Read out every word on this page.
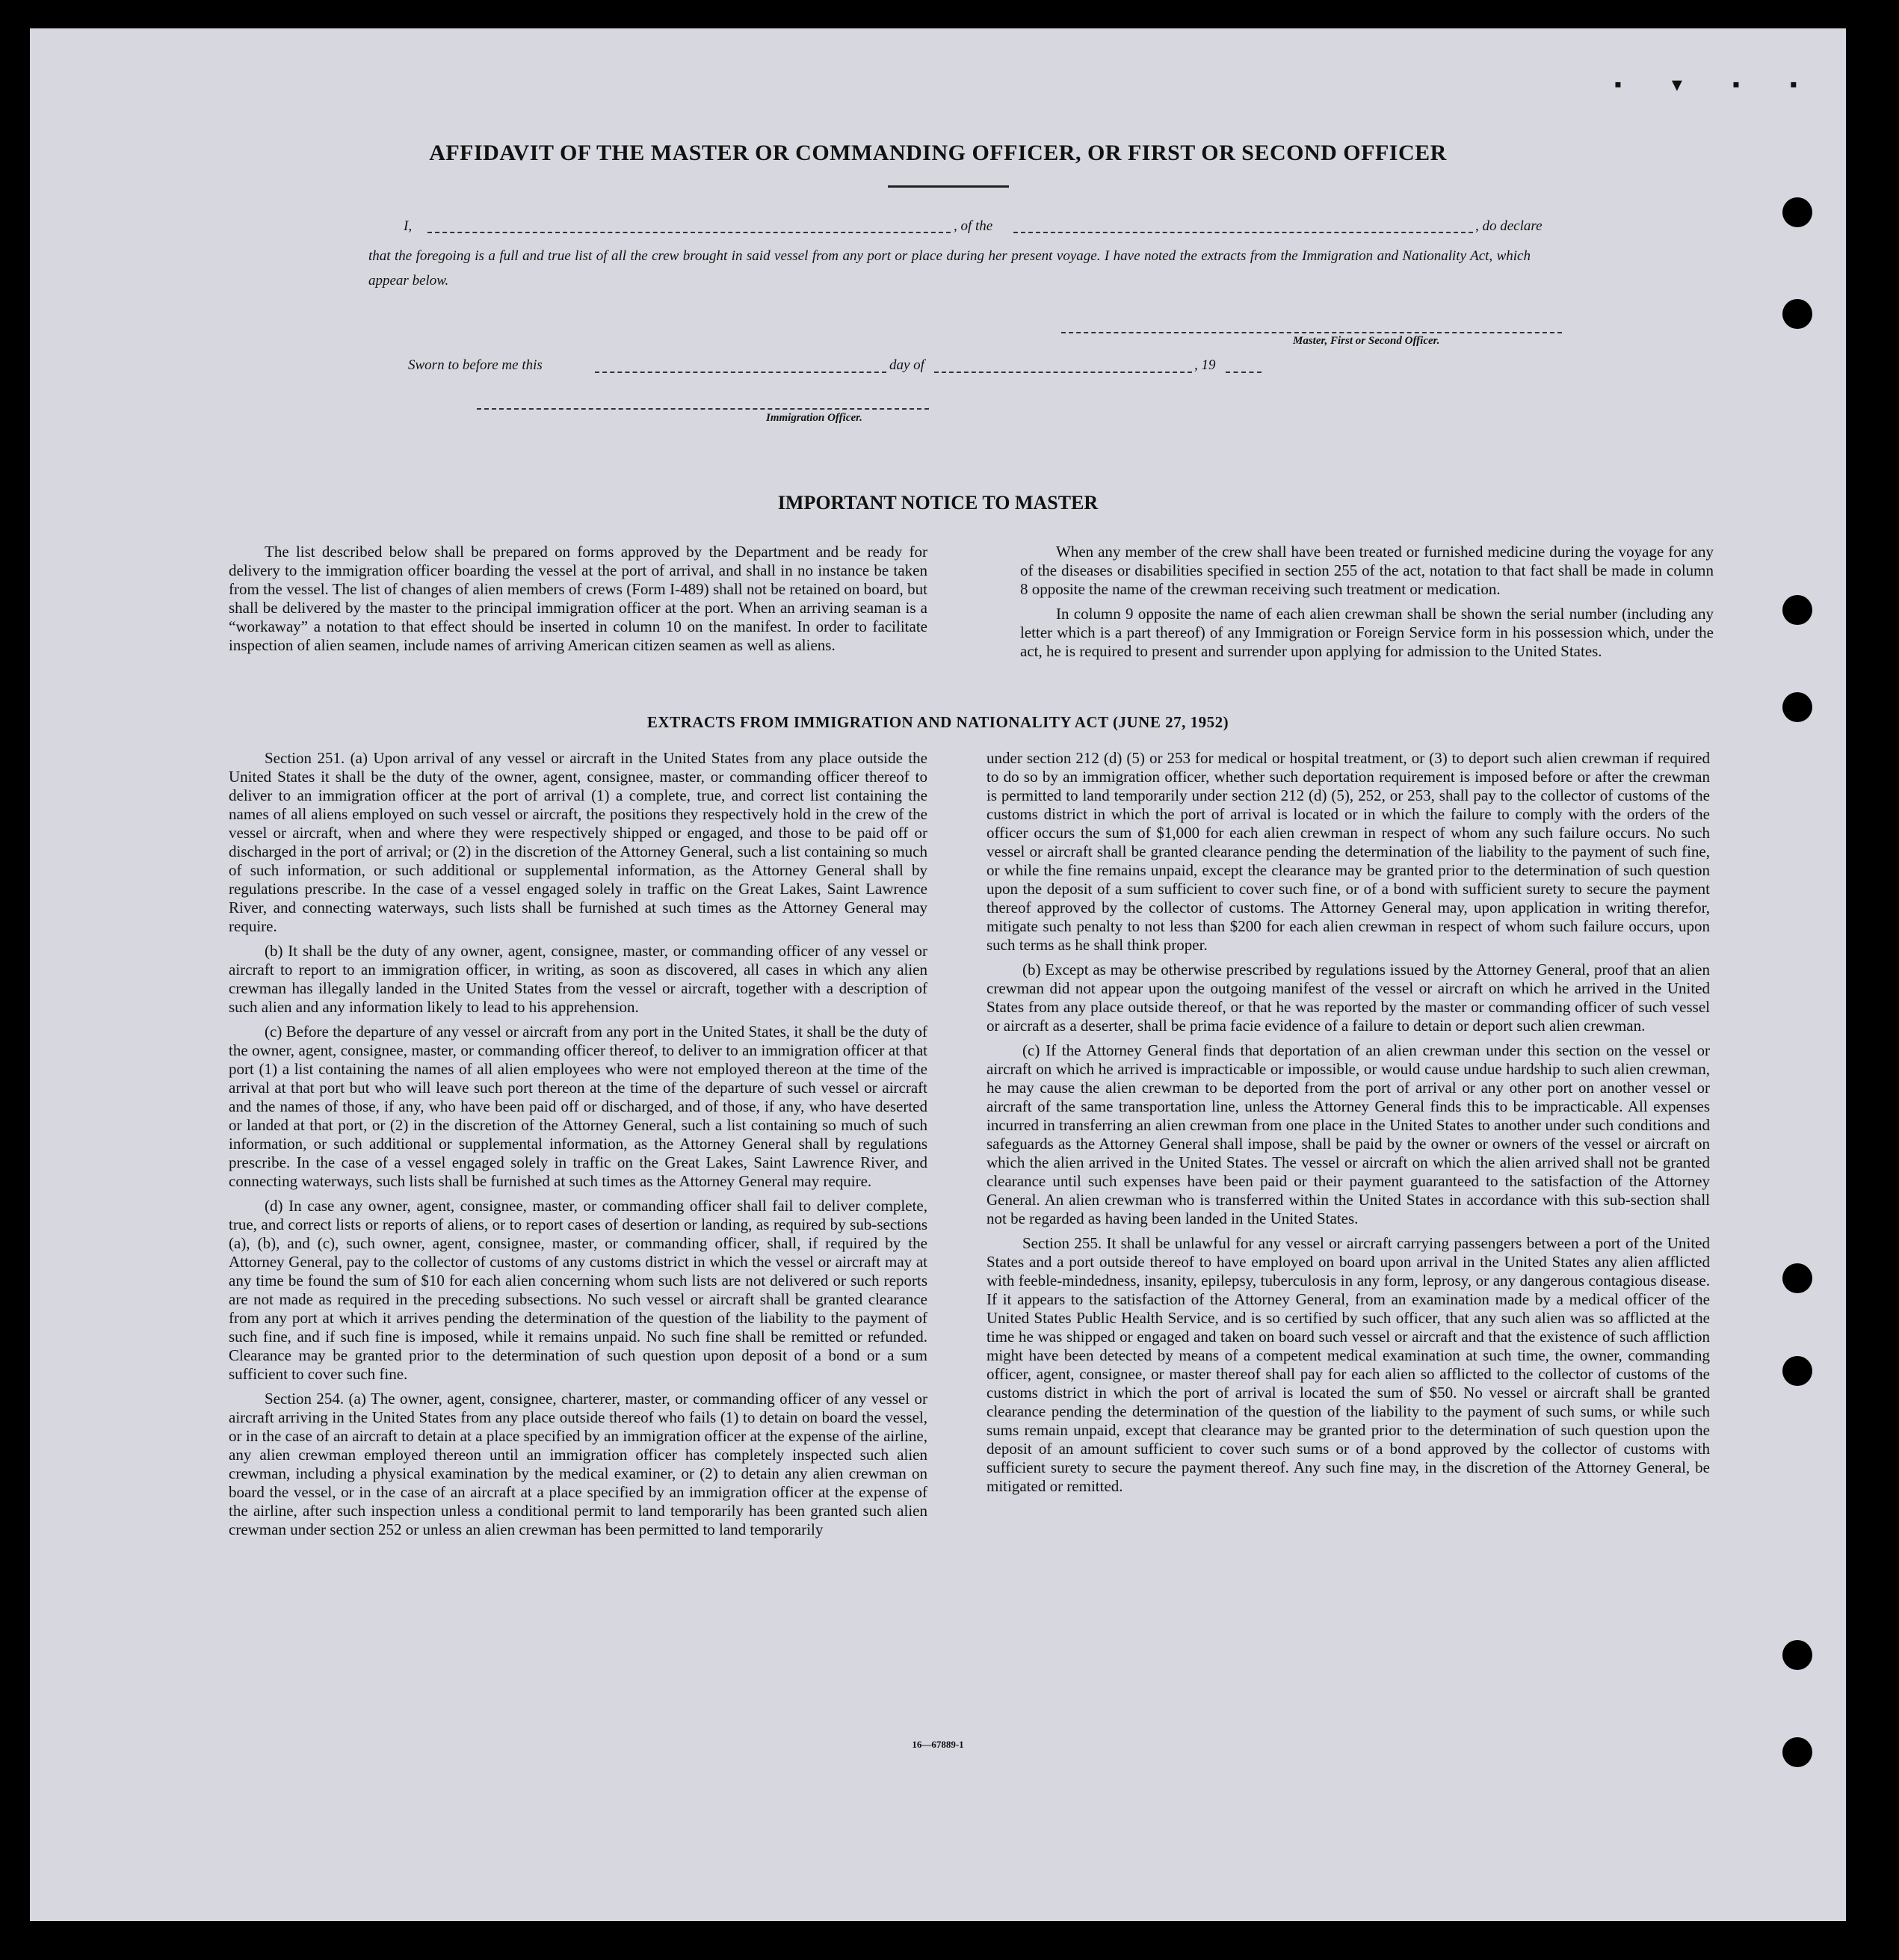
▪ ▾ ▪ ▪
AFFIDAVIT OF THE MASTER OR COMMANDING OFFICER, OR FIRST OR SECOND OFFICER
I,	, of the	, do declare
that the foregoing is a full and true list of all the crew brought in said vessel from any port or place during her present voyage. I have noted the extracts from the Immigration and Nationality Act, which appear below.
Master, First or Second Officer.
Sworn to before me this	day of	, 19
Immigration Officer.
IMPORTANT NOTICE TO MASTER

The list described below shall be prepared on forms approved by the Department and be ready for delivery to the immigration officer boarding the vessel at the port of arrival, and shall in no instance be taken from the vessel. The list of changes of alien members of crews (Form I-489) shall not be retained on board, but shall be delivered by the master to the principal immigration officer at the port. When an arriving seaman is a “workaway” a notation to that effect should be inserted in column 10 on the manifest. In order to facilitate inspection of alien seamen, include names of arriving American citizen seamen as well as aliens.

When any member of the crew shall have been treated or furnished medicine during the voyage for any of the diseases or disabilities specified in section 255 of the act, notation to that fact shall be made in column 8 opposite the name of the crewman receiving such treatment or medication.

In column 9 opposite the name of each alien crewman shall be shown the serial number (including any letter which is a part thereof) of any Immigration or Foreign Service form in his possession which, under the act, he is required to present and surrender upon applying for admission to the United States.

EXTRACTS FROM IMMIGRATION AND NATIONALITY ACT (JUNE 27, 1952)

Section 251. (a) Upon arrival of any vessel or aircraft in the United States from any place outside the United States it shall be the duty of the owner, agent, consignee, master, or commanding officer thereof to deliver to an immigration officer at the port of arrival (1) a complete, true, and correct list containing the names of all aliens employed on such vessel or aircraft, the positions they respectively hold in the crew of the vessel or aircraft, when and where they were respectively shipped or engaged, and those to be paid off or discharged in the port of arrival; or (2) in the discretion of the Attorney General, such a list containing so much of such information, or such additional or supplemental information, as the Attorney General shall by regulations prescribe. In the case of a vessel engaged solely in traffic on the Great Lakes, Saint Lawrence River, and connecting waterways, such lists shall be furnished at such times as the Attorney General may require.

(b) It shall be the duty of any owner, agent, consignee, master, or commanding officer of any vessel or aircraft to report to an immigration officer, in writing, as soon as discovered, all cases in which any alien crewman has illegally landed in the United States from the vessel or aircraft, together with a description of such alien and any information likely to lead to his apprehension.

(c) Before the departure of any vessel or aircraft from any port in the United States, it shall be the duty of the owner, agent, consignee, master, or commanding officer thereof, to deliver to an immigration officer at that port (1) a list containing the names of all alien employees who were not employed thereon at the time of the arrival at that port but who will leave such port thereon at the time of the departure of such vessel or aircraft and the names of those, if any, who have been paid off or discharged, and of those, if any, who have deserted or landed at that port, or (2) in the discretion of the Attorney General, such a list containing so much of such information, or such additional or supplemental information, as the Attorney General shall by regulations prescribe. In the case of a vessel engaged solely in traffic on the Great Lakes, Saint Lawrence River, and connecting waterways, such lists shall be furnished at such times as the Attorney General may require.

(d) In case any owner, agent, consignee, master, or commanding officer shall fail to deliver complete, true, and correct lists or reports of aliens, or to report cases of desertion or landing, as required by sub-sections (a), (b), and (c), such owner, agent, consignee, master, or commanding officer, shall, if required by the Attorney General, pay to the collector of customs of any customs district in which the vessel or aircraft may at any time be found the sum of $10 for each alien concerning whom such lists are not delivered or such reports are not made as required in the preceding subsections. No such vessel or aircraft shall be granted clearance from any port at which it arrives pending the determination of the question of the liability to the payment of such fine, and if such fine is imposed, while it remains unpaid. No such fine shall be remitted or refunded. Clearance may be granted prior to the determination of such question upon deposit of a bond or a sum sufficient to cover such fine.

Section 254. (a) The owner, agent, consignee, charterer, master, or commanding officer of any vessel or aircraft arriving in the United States from any place outside thereof who fails (1) to detain on board the vessel, or in the case of an aircraft to detain at a place specified by an immigration officer at the expense of the airline, any alien crewman employed thereon until an immigration officer has completely inspected such alien crewman, including a physical examination by the medical examiner, or (2) to detain any alien crewman on board the vessel, or in the case of an aircraft at a place specified by an immigration officer at the expense of the airline, after such inspection unless a conditional permit to land temporarily has been granted such alien crewman under section 252 or unless an alien crewman has been permitted to land temporarily

under section 212 (d) (5) or 253 for medical or hospital treatment, or (3) to deport such alien crewman if required to do so by an immigration officer, whether such deportation requirement is imposed before or after the crewman is permitted to land temporarily under section 212 (d) (5), 252, or 253, shall pay to the collector of customs of the customs district in which the port of arrival is located or in which the failure to comply with the orders of the officer occurs the sum of $1,000 for each alien crewman in respect of whom any such failure occurs. No such vessel or aircraft shall be granted clearance pending the determination of the liability to the payment of such fine, or while the fine remains unpaid, except the clearance may be granted prior to the determination of such question upon the deposit of a sum sufficient to cover such fine, or of a bond with sufficient surety to secure the payment thereof approved by the collector of customs. The Attorney General may, upon application in writing therefor, mitigate such penalty to not less than $200 for each alien crewman in respect of whom such failure occurs, upon such terms as he shall think proper.

(b) Except as may be otherwise prescribed by regulations issued by the Attorney General, proof that an alien crewman did not appear upon the outgoing manifest of the vessel or aircraft on which he arrived in the United States from any place outside thereof, or that he was reported by the master or commanding officer of such vessel or aircraft as a deserter, shall be prima facie evidence of a failure to detain or deport such alien crewman.

(c) If the Attorney General finds that deportation of an alien crewman under this section on the vessel or aircraft on which he arrived is impracticable or impossible, or would cause undue hardship to such alien crewman, he may cause the alien crewman to be deported from the port of arrival or any other port on another vessel or aircraft of the same transportation line, unless the Attorney General finds this to be impracticable. All expenses incurred in transferring an alien crewman from one place in the United States to another under such conditions and safeguards as the Attorney General shall impose, shall be paid by the owner or owners of the vessel or aircraft on which the alien arrived in the United States. The vessel or aircraft on which the alien arrived shall not be granted clearance until such expenses have been paid or their payment guaranteed to the satisfaction of the Attorney General. An alien crewman who is transferred within the United States in accordance with this sub-section shall not be regarded as having been landed in the United States.

Section 255. It shall be unlawful for any vessel or aircraft carrying passengers between a port of the United States and a port outside thereof to have employed on board upon arrival in the United States any alien afflicted with feeble-mindedness, insanity, epilepsy, tuberculosis in any form, leprosy, or any dangerous contagious disease. If it appears to the satisfaction of the Attorney General, from an examination made by a medical officer of the United States Public Health Service, and is so certified by such officer, that any such alien was so afflicted at the time he was shipped or engaged and taken on board such vessel or aircraft and that the existence of such affliction might have been detected by means of a competent medical examination at such time, the owner, commanding officer, agent, consignee, or master thereof shall pay for each alien so afflicted to the collector of customs of the customs district in which the port of arrival is located the sum of $50. No vessel or aircraft shall be granted clearance pending the determination of the question of the liability to the payment of such sums, or while such sums remain unpaid, except that clearance may be granted prior to the determination of such question upon the deposit of an amount sufficient to cover such sums or of a bond approved by the collector of customs with sufficient surety to secure the payment thereof. Any such fine may, in the discretion of the Attorney General, be mitigated or remitted.

16—67889-1
